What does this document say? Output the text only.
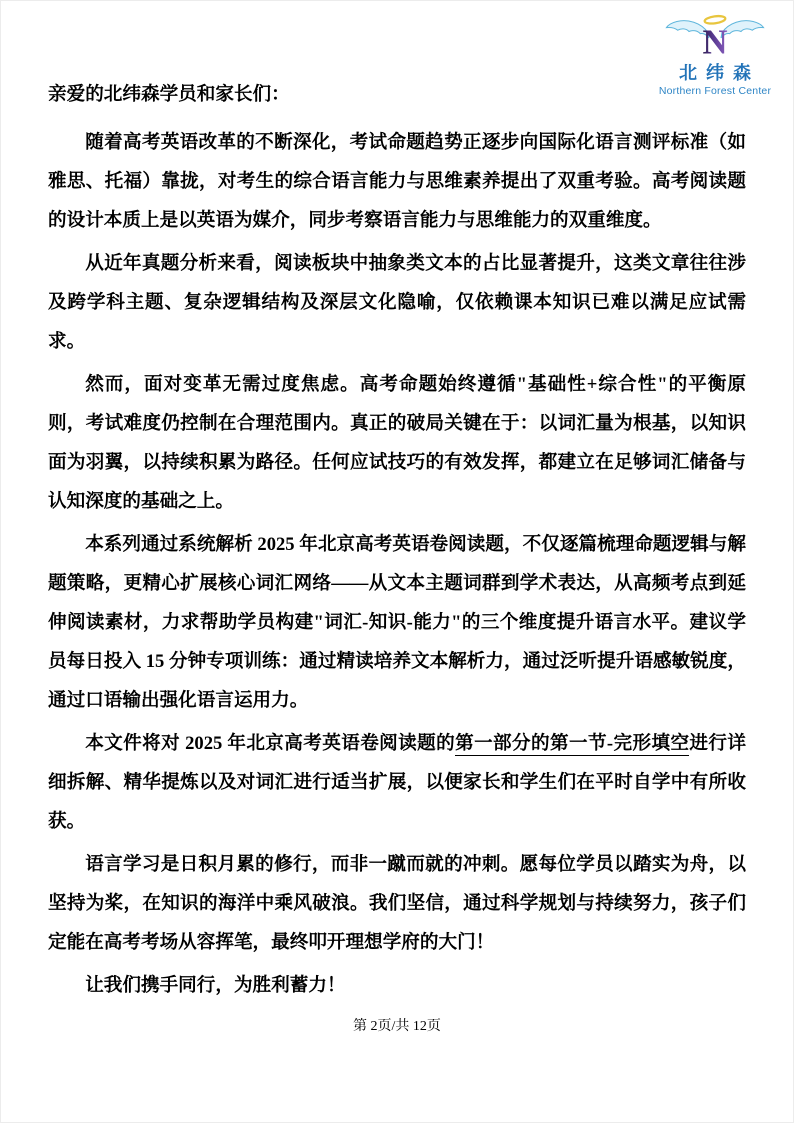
N
北纬森
Northern Forest Center

亲爱的北纬森学员和家长们：

随着高考英语改革的不断深化，考试命题趋势正逐步向国际化语言测评标准（如雅思、托福）靠拢，对考生的综合语言能力与思维素养提出了双重考验。高考阅读题的设计本质上是以英语为媒介，同步考察语言能力与思维能力的双重维度。

从近年真题分析来看，阅读板块中抽象类文本的占比显著提升，这类文章往往涉及跨学科主题、复杂逻辑结构及深层文化隐喻，仅依赖课本知识已难以满足应试需求。

然而，面对变革无需过度焦虑。高考命题始终遵循"基础性+综合性"的平衡原则，考试难度仍控制在合理范围内。真正的破局关键在于：以词汇量为根基，以知识面为羽翼，以持续积累为路径。任何应试技巧的有效发挥，都建立在足够词汇储备与认知深度的基础之上。

本系列通过系统解析 2025 年北京高考英语卷阅读题，不仅逐篇梳理命题逻辑与解题策略，更精心扩展核心词汇网络——从文本主题词群到学术表达，从高频考点到延伸阅读素材，力求帮助学员构建"词汇-知识-能力"的三个维度提升语言水平。建议学员每日投入 15 分钟专项训练：通过精读培养文本解析力，通过泛听提升语感敏锐度，通过口语输出强化语言运用力。

本文件将对 2025 年北京高考英语卷阅读题的第一部分的第一节-完形填空进行详细拆解、精华提炼以及对词汇进行适当扩展，以便家长和学生们在平时自学中有所收获。

语言学习是日积月累的修行，而非一蹴而就的冲刺。愿每位学员以踏实为舟，以坚持为桨，在知识的海洋中乘风破浪。我们坚信，通过科学规划与持续努力，孩子们定能在高考考场从容挥笔，最终叩开理想学府的大门！

让我们携手同行，为胜利蓄力！

第 2页/共 12页
